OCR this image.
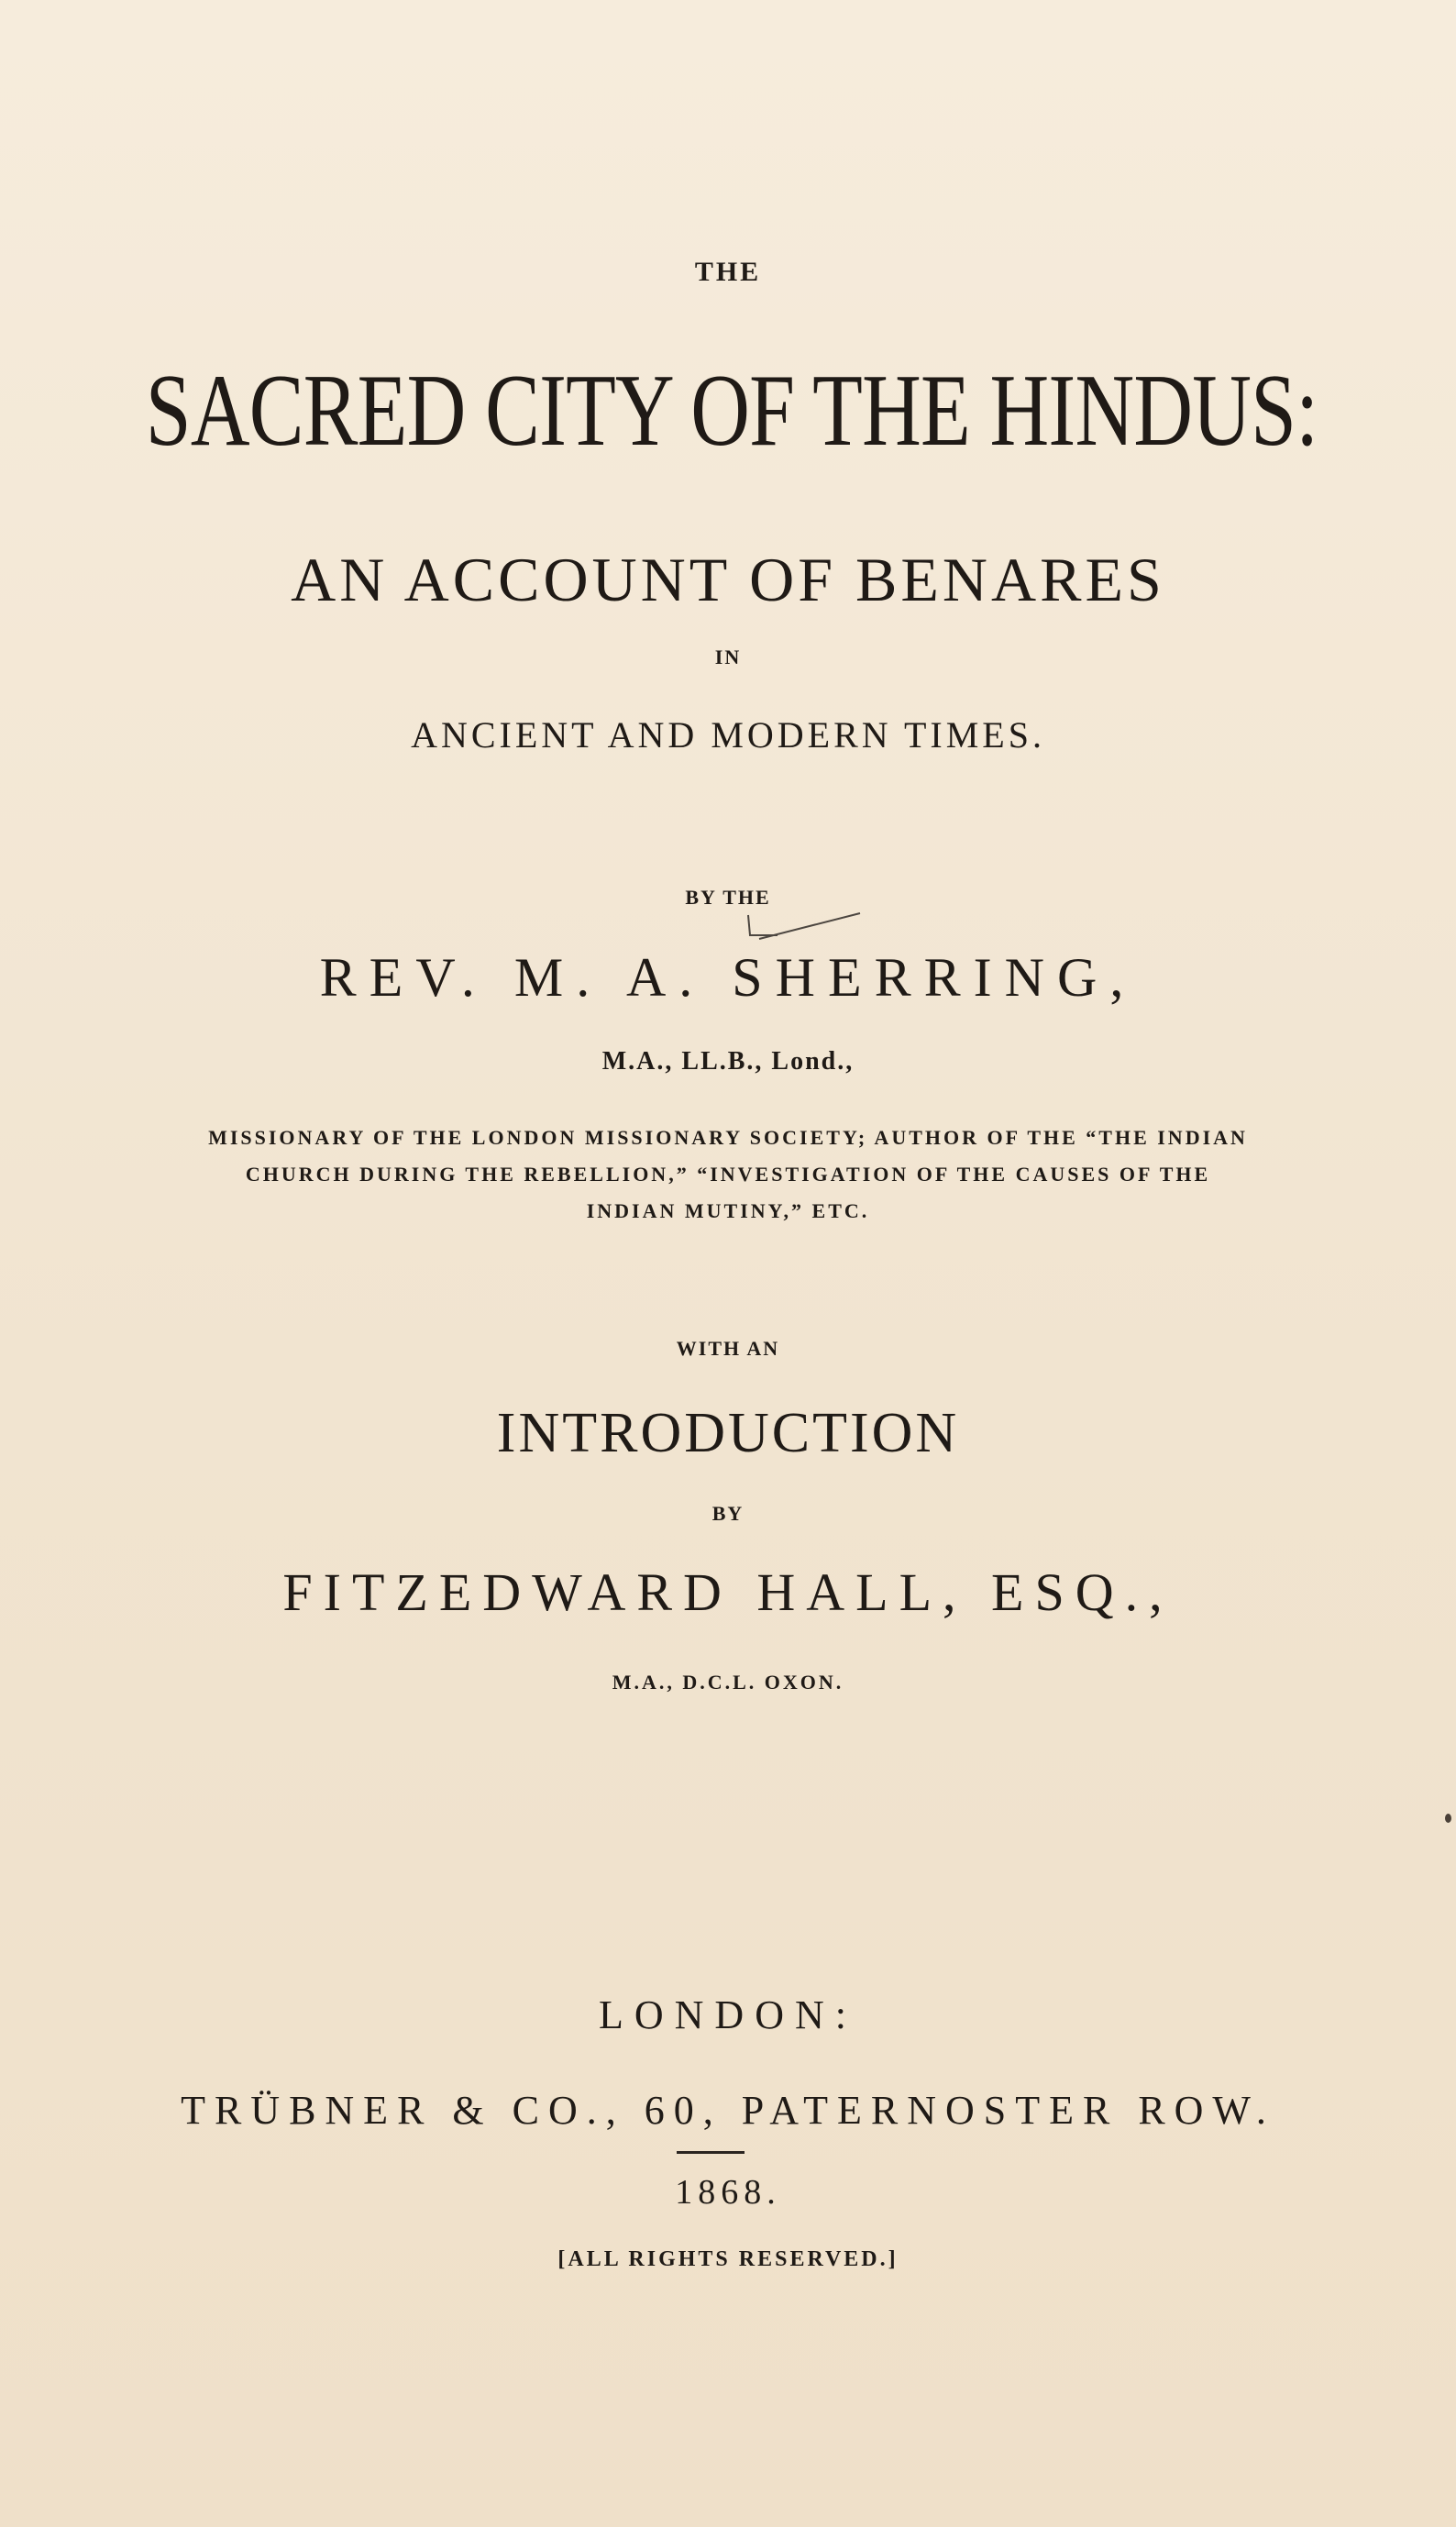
THE
SACRED CITY OF THE HINDUS:
AN ACCOUNT OF BENARES
IN
ANCIENT AND MODERN TIMES.
BY THE
REV. M. A. SHERRING,
M.A., LL.B., Lond.,
MISSIONARY OF THE LONDON MISSIONARY SOCIETY; AUTHOR OF THE “THE INDIAN
CHURCH DURING THE REBELLION,” “INVESTIGATION OF THE CAUSES OF THE
INDIAN MUTINY,” ETC.
WITH AN
INTRODUCTION
BY
FITZEDWARD HALL, ESQ.,
M.A., D.C.L. OXON.
LONDON:
TRÜBNER & CO., 60, PATERNOSTER ROW.
1868.
[ALL RIGHTS RESERVED.]
